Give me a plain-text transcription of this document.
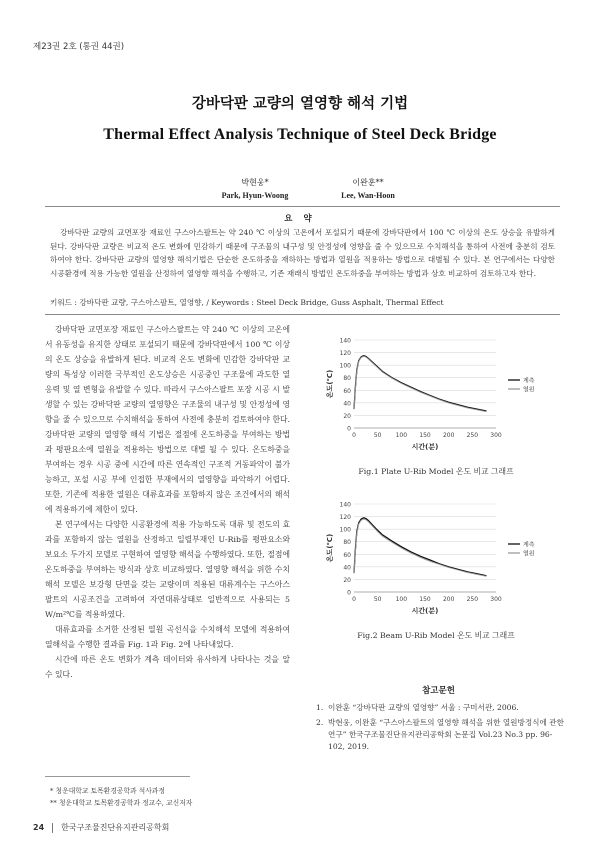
제23권 2호 (통권 44권)
강바닥판 교량의 열영향 해석 기법
Thermal Effect Analysis Technique of Steel Deck Bridge
박현웅*
Park, Hyun-Woong
이완훈**
Lee, Wan-Hoon
요 약
강바닥판 교량의 교면포장 재료인 구스아스팔트는 약 240 ℃ 이상의 고온에서 포설되기 때문에 강바닥판에서 100 ℃ 이상의 온도 상승을 유발하게 된다. 강바닥판 교량은 비교적 온도 변화에 민감하기 때문에 구조물의 내구성 및 안정성에 영향을 줄 수 있으므로 수치해석을 통하여 사전에 충분히 검토하여야 한다. 강바닥판 교량의 열영향 해석기법은 단순한 온도하중을 재하하는 방법과 열원을 적용하는 방법으로 대별될 수 있다. 본 연구에서는 다양한 시공환경에 적용 가능한 열원을 산정하여 열영향 해석을 수행하고, 기존 재래식 방법인 온도하중을 부여하는 방법과 상호 비교하여 검토하고자 한다.
키워드 : 강바닥판 교량, 구스아스팔트, 열영향, / Keywords : Steel Deck Bridge, Guss Asphalt, Thermal Effect

강바닥판 교면포장 재료인 구스아스팔트는 약 240 ℃ 이상의 고온에서 유동성을 유지한 상태로 포설되기 때문에 강바닥판에서 100 ℃ 이상의 온도 상승을 유발하게 된다. 비교적 온도 변화에 민감한 강바닥판 교량의 특성상 이러한 국부적인 온도상승은 시공중인 구조물에 과도한 열 응력 및 열 변형을 유발할 수 있다. 따라서 구스아스팔트 포장 시공 시 발생할 수 있는 강바닥판 교량의 열영향은 구조물의 내구성 및 안정성에 영향을 줄 수 있으므로 수치해석을 통하여 사전에 충분히 검토하여야 한다. 강바닥판 교량의 열영향 해석 기법은 절점에 온도하중을 부여하는 방법과 평판요소에 열원을 적용하는 방법으로 대별 될 수 있다. 온도하중을 부여하는 경우 시공 중에 시간에 따른 연속적인 구조적 거동파악이 불가능하고, 포설 시공 부에 인접한 부재에서의 열영향을 파악하기 어렵다. 또한, 기존에 적용한 열원은 대류효과를 포함하지 않은 조건에서의 해석에 적용하기에 제한이 있다.

본 연구에서는 다양한 시공환경에 적용 가능하도록 대류 및 전도의 효과를 포함하지 않는 열원을 산정하고 일렬부재인 U-Rib를 평판요소와 보요소 두가지 모델로 구현하여 열영향 해석을 수행하였다. 또한, 절점에 온도하중을 부여하는 방식과 상호 비교하였다. 열영향 해석을 위한 수치해석 모델은 보강형 단면을 갖는 교량이며 적용된 대류계수는 구스아스팔트의 시공조건을 고려하여 자연대류상태로 일반적으로 사용되는 5 W/m²℃를 적용하였다.

대류효과를 소거한 산정된 열원 곡선식을 수치해석 모델에 적용하여 열해석을 수행한 결과를 Fig. 1과 Fig. 2에 나타내었다.

시간에 따른 온도 변화가 계측 데이터와 유사하게 나타나는 것을 알 수 있다.

0
20
40
60
80
100
120
140
0	50 100 150 200 250 300
시간(분)
온도(℃)	계측
열원
Fig.1 Plate U-Rib Model 온도 비교 그래프
0
20
40
60
80
100
120
140
0	50 100 150 200 250 300
시간(분)
온도(℃)	계측
열원
Fig.2 Beam U-Rib Model 온도 비교 그래프
참고문헌
1. 이완훈 “강바닥판 교량의 열영향” 서울 : 구미서관, 2006.
2. 박현웅, 이완훈 “구스아스팔트의 열영향 해석을 위한 열원방정식에 관한 연구” 한국구조물진단유지관리공학회 논문집 Vol.23 No.3 pp. 96-102, 2019.
* 청운대학교 토목환경공학과 석사과정
** 청운대학교 토목환경공학과 정교수, 교신저자
24 한국구조물진단유지관리공학회
